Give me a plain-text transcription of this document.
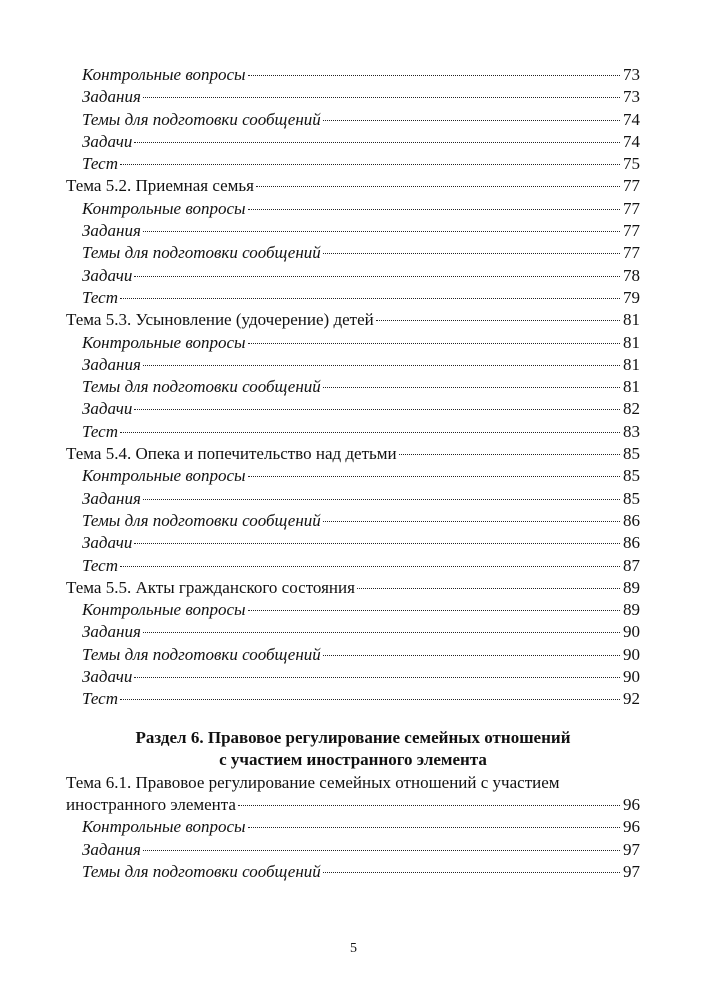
Контрольные вопросы	73
Задания	73
Темы для подготовки сообщений	74
Задачи	74
Тест	75
Тема 5.2. Приемная семья	77
Контрольные вопросы	77
Задания	77
Темы для подготовки сообщений	77
Задачи	78
Тест	79
Тема 5.3. Усыновление (удочерение) детей	81
Контрольные вопросы	81
Задания	81
Темы для подготовки сообщений	81
Задачи	82
Тест	83
Тема 5.4. Опека и попечительство над детьми	85
Контрольные вопросы	85
Задания	85
Темы для подготовки сообщений	86
Задачи	86
Тест	87
Тема 5.5. Акты гражданского состояния	89
Контрольные вопросы	89
Задания	90
Темы для подготовки сообщений	90
Задачи	90
Тест	92
Раздел 6. Правовое регулирование семейных отношений
с участием иностранного элемента
Тема 6.1. Правовое регулирование семейных отношений с участием
иностранного элемента	96
Контрольные вопросы	96
Задания	97
Темы для подготовки сообщений	97
5
